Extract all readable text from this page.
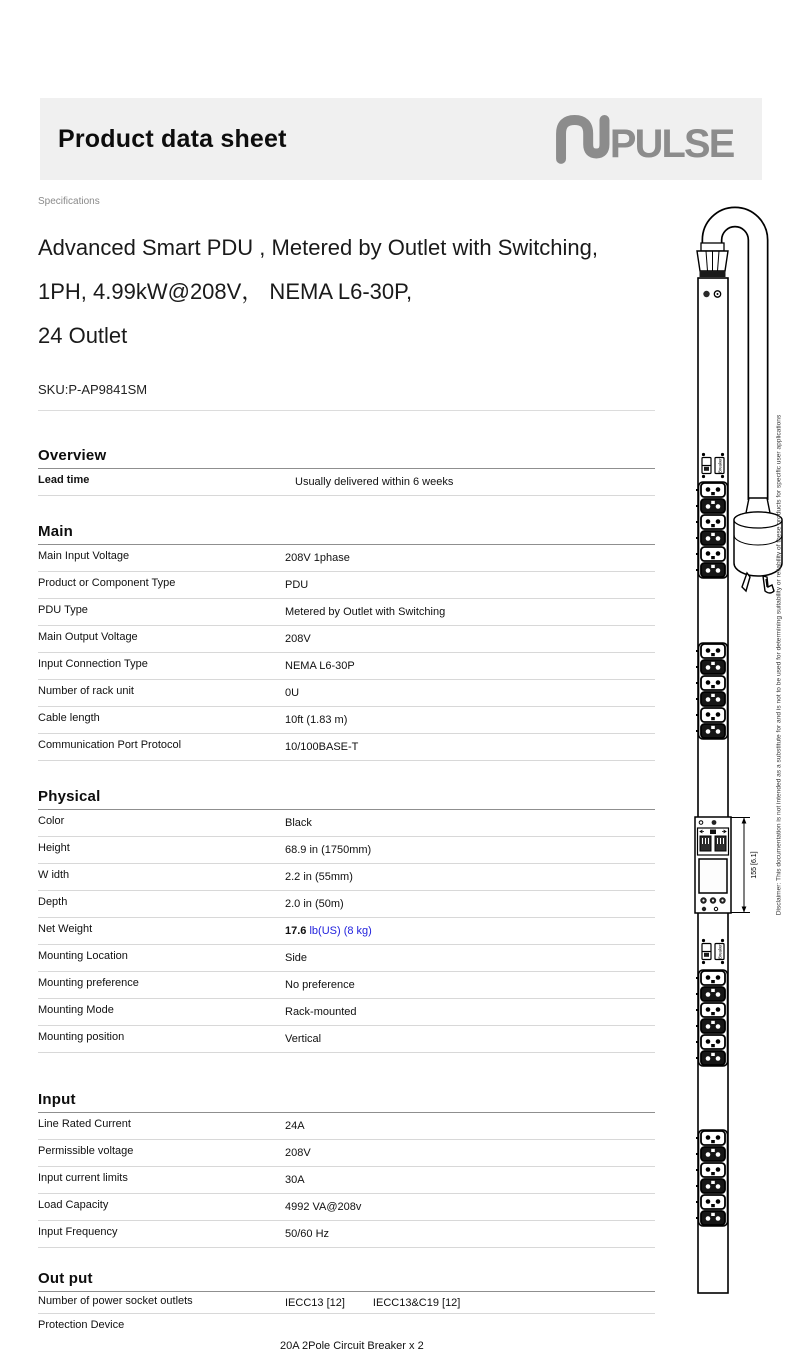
Product data sheet	PULSE
Specifications
Advanced Smart PDU , Metered by Outlet with Switching,
1PH, 4.99kW@208V， NEMA L6-30P,
24 Outlet
SKU:P-AP9841SM
Overview
Lead time	Usually delivered within 6 weeks
Main
Main Input Voltage	208V 1phase
Product or Component Type	PDU
PDU Type	Metered by Outlet with Switching
Main Output Voltage	208V
Input Connection Type	NEMA L6-30P
Number of rack unit	0U
Cable length	10ft (1.83 m)
Communication Port Protocol	10/100BASE-T
Physical
Color	Black
Height	68.9 in (1750mm)
W idth	2.2 in (55mm)
Depth	2.0 in (50m)
Net Weight	17.6 lb(US) (8 kg)
Mounting Location	Side
Mounting preference	No preference
Mounting Mode	Rack-mounted
Mounting position	Vertical
Input
Line Rated Current	24A
Permissible voltage	208V
Input current limits	30A
Load Capacity	4992 VA@208v
Input Frequency	50/60 Hz
Out put
Number of power socket outlets	IECC13 [12]	IECC13&C19 [12]
Protection Device
20A 2Pole Circuit Breaker x 2
Breaker
Breaker
155 [6.1]	Disclaimer: This documentation is not intended as a substitute for and is not to be used for determining suitability or reliability of these products for specific user applications
